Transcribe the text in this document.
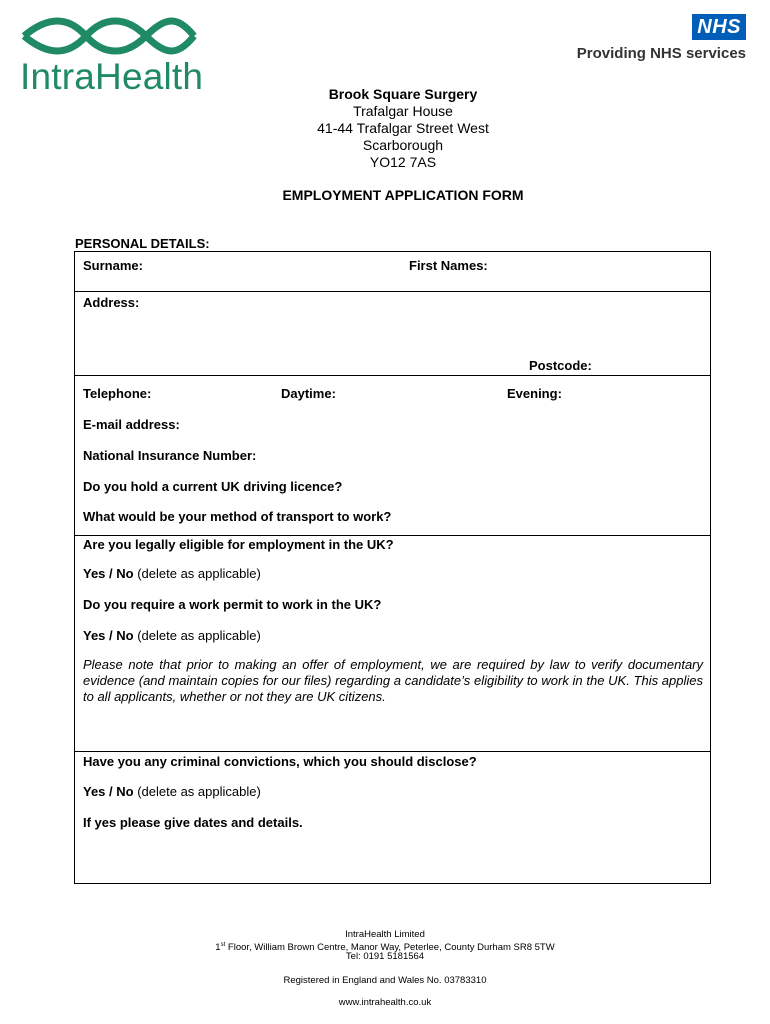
IntraHealth
NHS
Providing NHS services
Brook Square Surgery
Trafalgar House
41-44 Trafalgar Street West
Scarborough
YO12 7AS
EMPLOYMENT APPLICATION FORM
PERSONAL DETAILS:
Surname:	First Names:
Address:
Postcode:
Telephone:	Daytime:	Evening:
E-mail address:
National Insurance Number:
Do you hold a current UK driving licence?
What would be your method of transport to work?
Are you legally eligible for employment in the UK?
Yes / No (delete as applicable)
Do you require a work permit to work in the UK?
Yes / No (delete as applicable)
Please note that prior to making an offer of employment, we are required by law to verify documentary evidence (and maintain copies for our files) regarding a candidate’s eligibility to work in the UK. This applies to all applicants, whether or not they are UK citizens.
Have you any criminal convictions, which you should disclose?
Yes / No (delete as applicable)
If yes please give dates and details.
IntraHealth Limited
1st Floor, William Brown Centre, Manor Way, Peterlee, County Durham SR8 5TW
Tel: 0191 5181564
Registered in England and Wales No. 03783310
www.intrahealth.co.uk
